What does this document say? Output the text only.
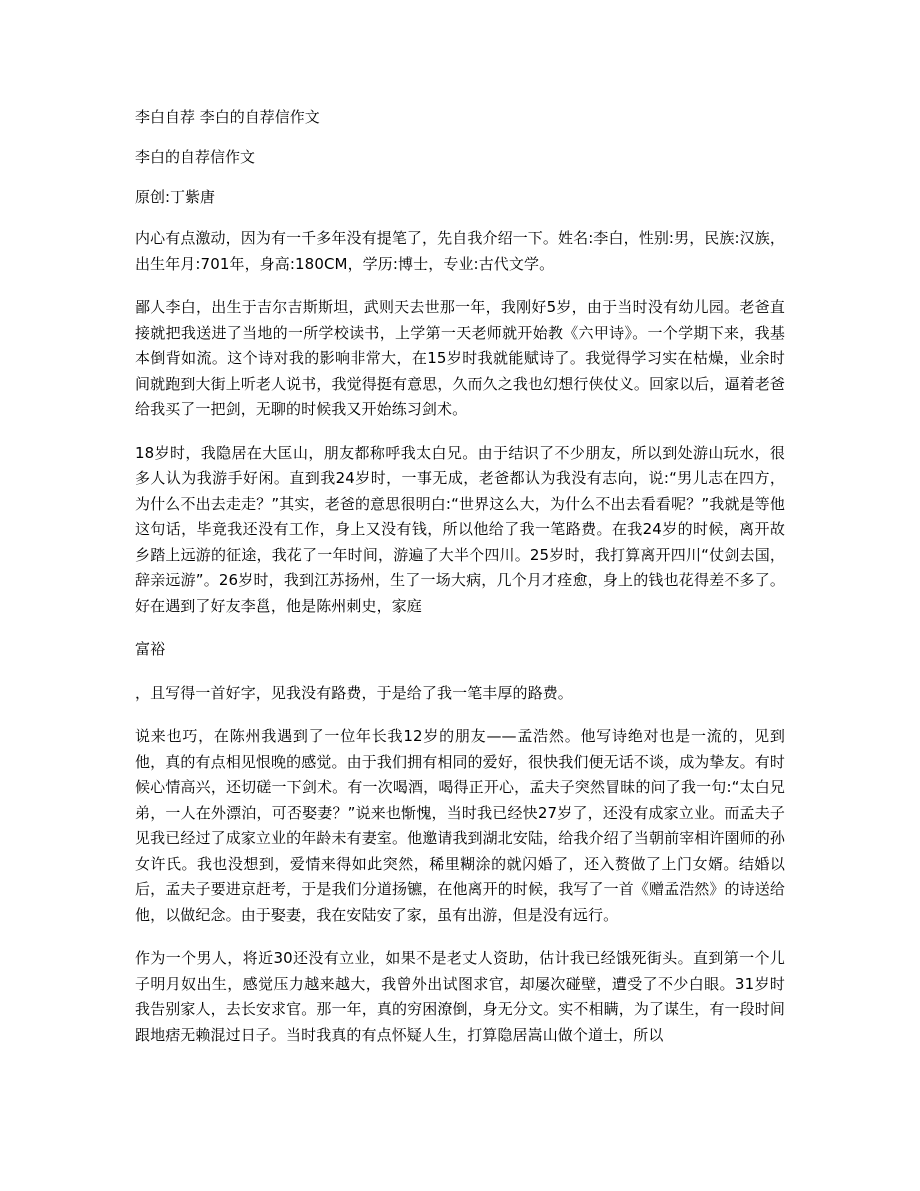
李白自荐 李白的自荐信作文
李白的自荐信作文
原创:丁紫唐

内心有点激动，因为有一千多年没有提笔了，先自我介绍一下。姓名:李白，性别:男，民族:汉族，出生年月:701年，身高:180CM，学历:博士，专业:古代文学。

鄙人李白，出生于吉尔吉斯斯坦，武则天去世那一年，我刚好5岁，由于当时没有幼儿园。老爸直接就把我送进了当地的一所学校读书，上学第一天老师就开始教《六甲诗》。一个学期下来，我基本倒背如流。这个诗对我的影响非常大，在15岁时我就能赋诗了。我觉得学习实在枯燥，业余时间就跑到大街上听老人说书，我觉得挺有意思，久而久之我也幻想行侠仗义。回家以后，逼着老爸给我买了一把剑，无聊的时候我又开始练习剑术。

18岁时，我隐居在大匡山，朋友都称呼我太白兄。由于结识了不少朋友，所以到处游山玩水，很多人认为我游手好闲。直到我24岁时，一事无成，老爸都认为我没有志向，说:“男儿志在四方，为什么不出去走走？”其实，老爸的意思很明白:“世界这么大，为什么不出去看看呢？”我就是等他这句话，毕竟我还没有工作，身上又没有钱，所以他给了我一笔路费。在我24岁的时候，离开故乡踏上远游的征途，我花了一年时间，游遍了大半个四川。25岁时，我打算离开四川“仗剑去国，辞亲远游”。26岁时，我到江苏扬州，生了一场大病，几个月才痊愈，身上的钱也花得差不多了。好在遇到了好友李邕，他是陈州刺史，家庭

富裕

，且写得一首好字，见我没有路费，于是给了我一笔丰厚的路费。

说来也巧，在陈州我遇到了一位年长我12岁的朋友——孟浩然。他写诗绝对也是一流的，见到他，真的有点相见恨晚的感觉。由于我们拥有相同的爱好，很快我们便无话不谈，成为挚友。有时候心情高兴，还切磋一下剑术。有一次喝酒，喝得正开心，孟夫子突然冒昧的问了我一句:“太白兄弟，一人在外漂泊，可否娶妻？”说来也惭愧，当时我已经快27岁了，还没有成家立业。而孟夫子见我已经过了成家立业的年龄未有妻室。他邀请我到湖北安陆，给我介绍了当朝前宰相许圉师的孙女许氏。我也没想到，爱情来得如此突然，稀里糊涂的就闪婚了，还入赘做了上门女婿。结婚以后，孟夫子要进京赶考，于是我们分道扬镳，在他离开的时候，我写了一首《赠孟浩然》的诗送给他，以做纪念。由于娶妻，我在安陆安了家，虽有出游，但是没有远行。

作为一个男人，将近30还没有立业，如果不是老丈人资助，估计我已经饿死街头。直到第一个儿子明月奴出生，感觉压力越来越大，我曾外出试图求官，却屡次碰壁，遭受了不少白眼。31岁时我告别家人，去长安求官。那一年，真的穷困潦倒，身无分文。实不相瞒，为了谋生，有一段时间跟地痞无赖混过日子。当时我真的有点怀疑人生，打算隐居嵩山做个道士，所以
